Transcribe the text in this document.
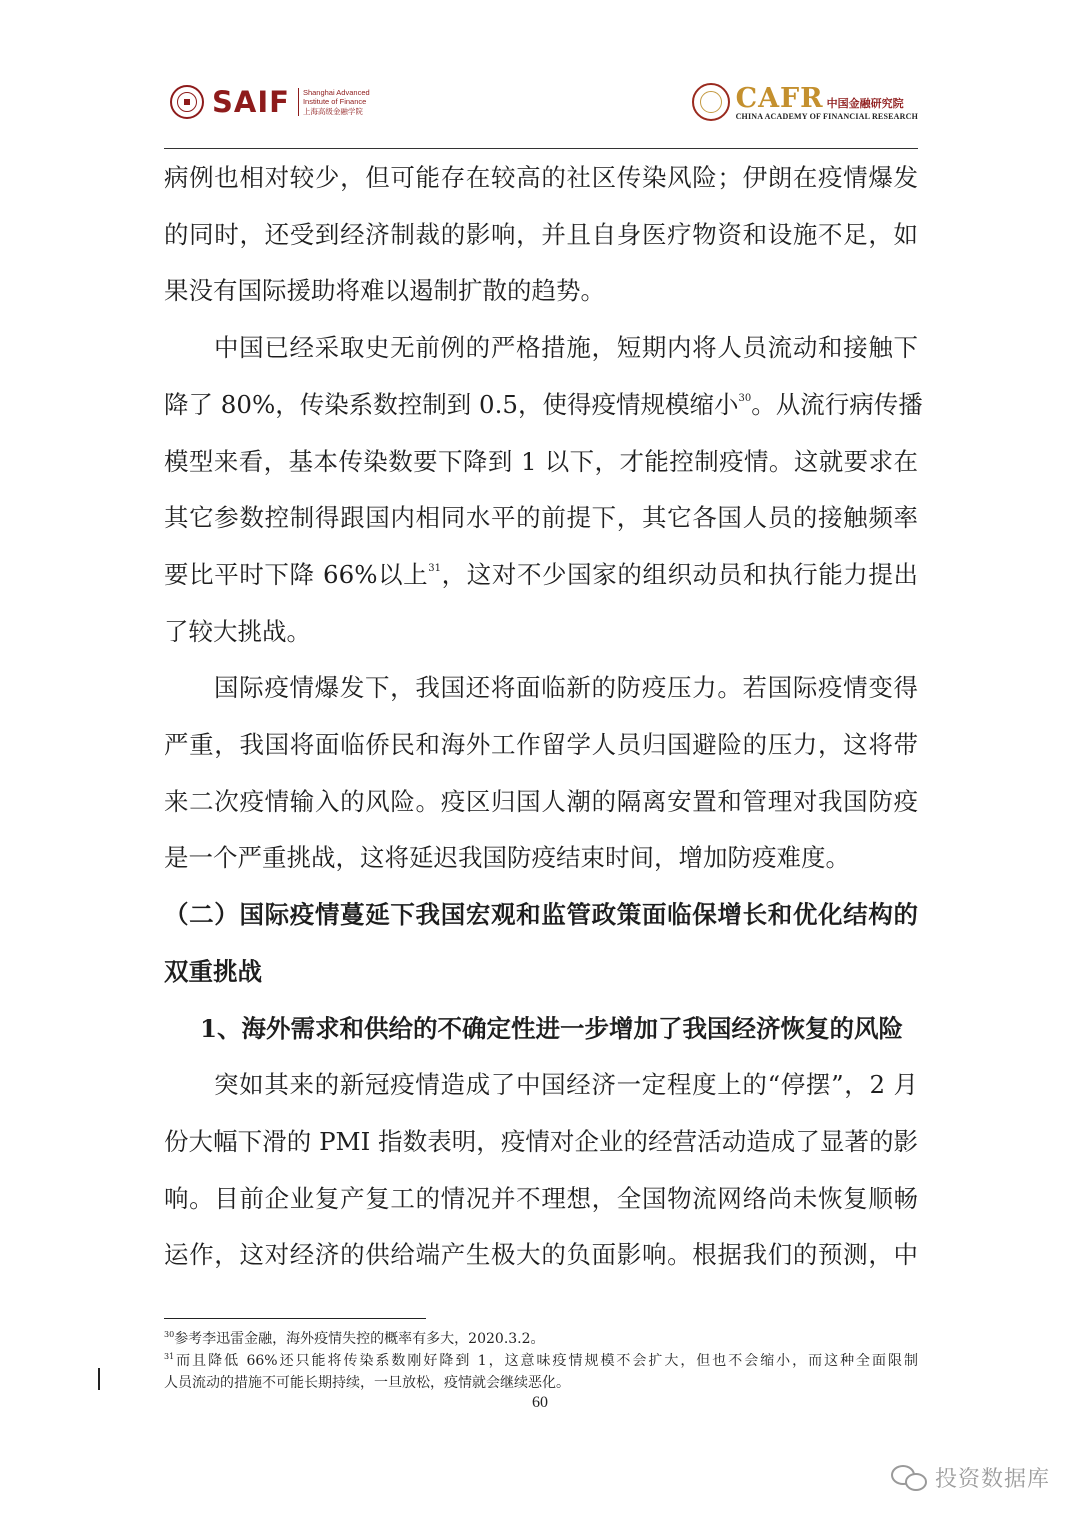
SAIF Shanghai Advanced
Institute of Finance
上海高级金融学院	CAFR 中国金融研究院
CHINA ACADEMY OF FINANCIAL RESEARCH

病例也相对较少，但可能存在较高的社区传染风险；伊朗在疫情爆发

的同时，还受到经济制裁的影响，并且自身医疗物资和设施不足，如

果没有国际援助将难以遏制扩散的趋势。

中国已经采取史无前例的严格措施，短期内将人员流动和接触下

降了 80%，传染系数控制到 0.5，使得疫情规模缩小$^{30}$。从流行病传播

模型来看，基本传染数要下降到 1 以下，才能控制疫情。这就要求在

其它参数控制得跟国内相同水平的前提下，其它各国人员的接触频率

要比平时下降 66%以上$^{31}$，这对不少国家的组织动员和执行能力提出

了较大挑战。

国际疫情爆发下，我国还将面临新的防疫压力。若国际疫情变得

严重，我国将面临侨民和海外工作留学人员归国避险的压力，这将带

来二次疫情输入的风险。疫区归国人潮的隔离安置和管理对我国防疫

是一个严重挑战，这将延迟我国防疫结束时间，增加防疫难度。

（二）国际疫情蔓延下我国宏观和监管政策面临保增长和优化结构的

双重挑战

1、海外需求和供给的不确定性进一步增加了我国经济恢复的风险

突如其来的新冠疫情造成了中国经济一定程度上的“停摆”，2 月

份大幅下滑的 PMI 指数表明，疫情对企业的经营活动造成了显著的影

响。目前企业复产复工的情况并不理想，全国物流网络尚未恢复顺畅

运作，这对经济的供给端产生极大的负面影响。根据我们的预测，中

$^{30}$参考李迅雷金融，海外疫情失控的概率有多大，2020.3.2。
$^{31}$而且降低 66%还只能将传染系数刚好降到 1，这意味疫情规模不会扩大，但也不会缩小，而这种全面限制
人员流动的措施不可能长期持续，一旦放松，疫情就会继续恶化。
60
投资数据库
